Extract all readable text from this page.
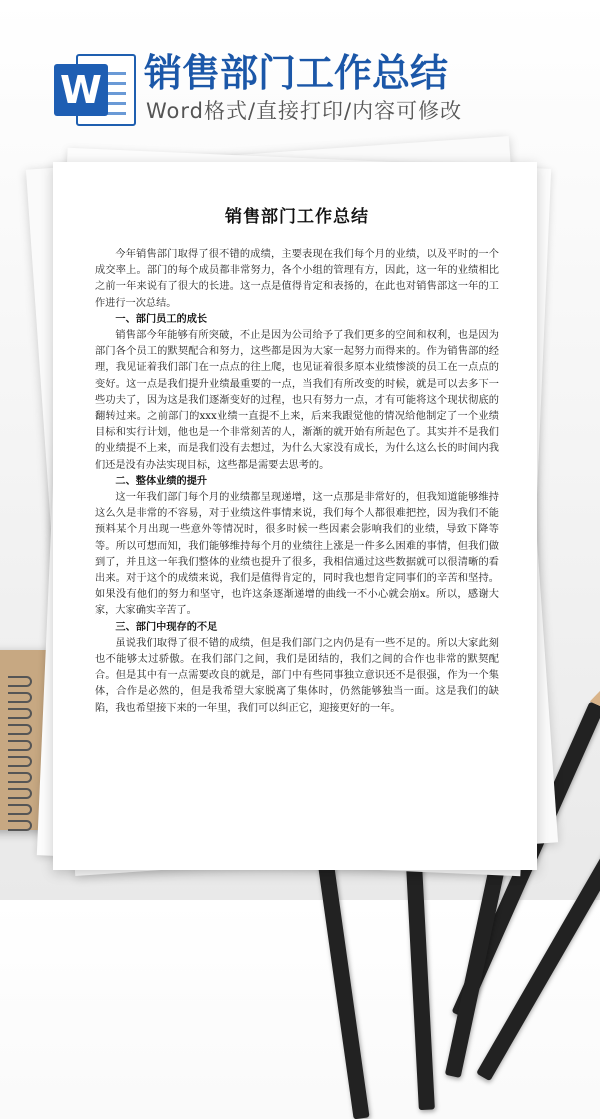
W 销售部门工作总结
Word格式/直接打印/内容可修改
销售部门工作总结

今年销售部门取得了很不错的成绩，主要表现在我们每个月的业绩，以及平时的一个成交率上。部门的每个成员都非常努力，各个小组的管理有方，因此，这一年的业绩相比之前一年来说有了很大的长进。这一点是值得肯定和表扬的，在此也对销售部这一年的工作进行一次总结。

一、部门员工的成长

销售部今年能够有所突破，不止是因为公司给予了我们更多的空间和权利，也是因为部门各个员工的默契配合和努力，这些都是因为大家一起努力而得来的。作为销售部的经理，我见证着我们部门在一点点的往上爬，也见证着很多原本业绩惨淡的员工在一点点的变好。这一点是我们提升业绩最重要的一点，当我们有所改变的时候，就是可以去多下一些功夫了，因为这是我们逐渐变好的过程，也只有努力一点，才有可能将这个现状彻底的翻转过来。之前部门的xxx业绩一直提不上来，后来我跟觉他的情况给他制定了一个业绩目标和实行计划，他也是一个非常刻苦的人，渐渐的就开始有所起色了。其实并不是我们的业绩提不上来，而是我们没有去想过，为什么大家没有成长，为什么这么长的时间内我们还是没有办法实现目标，这些都是需要去思考的。

二、整体业绩的提升

这一年我们部门每个月的业绩都呈现递增，这一点那是非常好的，但我知道能够维持这么久是非常的不容易，对于业绩这件事情来说，我们每个人都很难把控，因为我们不能预料某个月出现一些意外等情况时，很多时候一些因素会影响我们的业绩，导致下降等等。所以可想而知，我们能够维持每个月的业绩往上涨是一件多么困难的事情，但我们做到了，并且这一年我们整体的业绩也提升了很多，我相信通过这些数据就可以很清晰的看出来。对于这个的成绩来说，我们是值得肯定的，同时我也想肯定同事们的辛苦和坚持。如果没有他们的努力和坚守，也许这条逐渐递增的曲线一不小心就会崩x。所以，感谢大家，大家确实辛苦了。

三、部门中现存的不足

虽说我们取得了很不错的成绩，但是我们部门之内仍是有一些不足的。所以大家此刻也不能够太过骄傲。在我们部门之间，我们是团结的，我们之间的合作也非常的默契配合。但是其中有一点需要改良的就是，部门中有些同事独立意识还不是很强，作为一个集体，合作是必然的，但是我希望大家脱离了集体时，仍然能够独当一面。这是我们的缺陷，我也希望接下来的一年里，我们可以纠正它，迎接更好的一年。
